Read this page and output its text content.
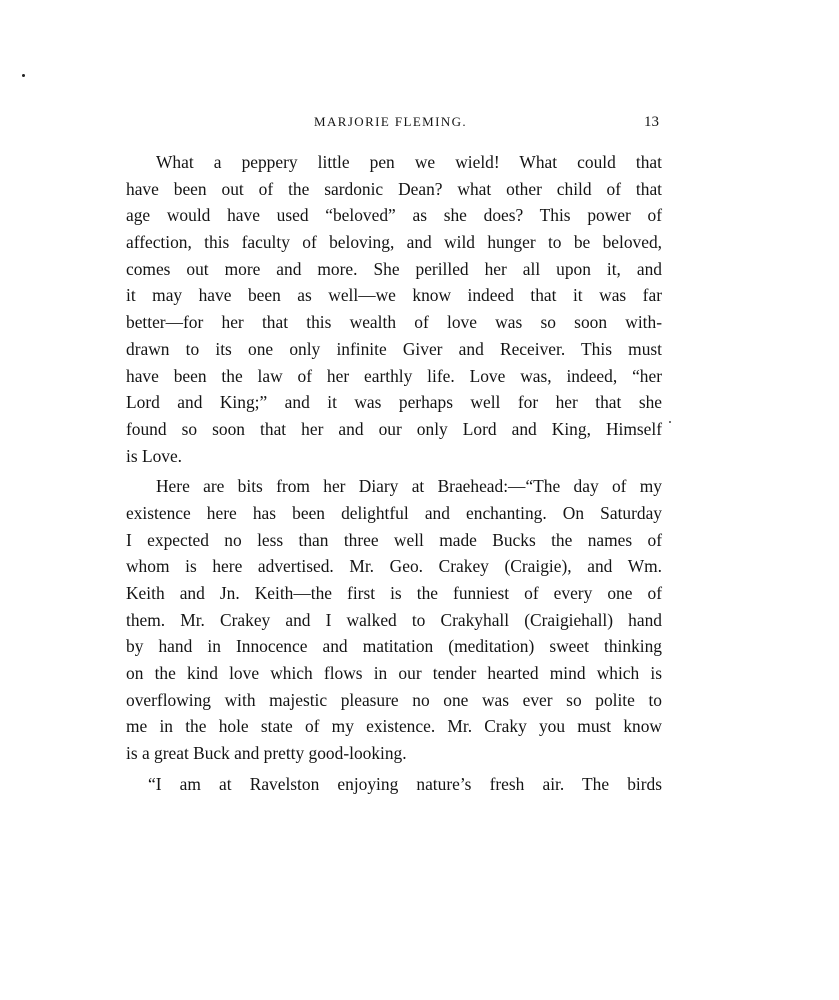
MARJORIE FLEMING.	13
What a peppery little pen we wield! What could that
have been out of the sardonic Dean? what other child of that
age would have used “beloved” as she does? This power of
affection, this faculty of beloving, and wild hunger to be beloved,
comes out more and more. She perilled her all upon it, and
it may have been as well—we know indeed that it was far
better—for her that this wealth of love was so soon with-
drawn to its one only infinite Giver and Receiver. This must
have been the law of her earthly life. Love was, indeed, “her
Lord and King;” and it was perhaps well for her that she
found so soon that her and our only Lord and King, Himself
is Love.
Here are bits from her Diary at Braehead:—“The day of my
existence here has been delightful and enchanting. On Saturday
I expected no less than three well made Bucks the names of
whom is here advertised. Mr. Geo. Crakey (Craigie), and Wm.
Keith and Jn. Keith—the first is the funniest of every one of
them. Mr. Crakey and I walked to Crakyhall (Craigiehall) hand
by hand in Innocence and matitation (meditation) sweet thinking
on the kind love which flows in our tender hearted mind which is
overflowing with majestic pleasure no one was ever so polite to
me in the hole state of my existence. Mr. Craky you must know
is a great Buck and pretty good-looking.
“I am at Ravelston enjoying nature’s fresh air. The birds
